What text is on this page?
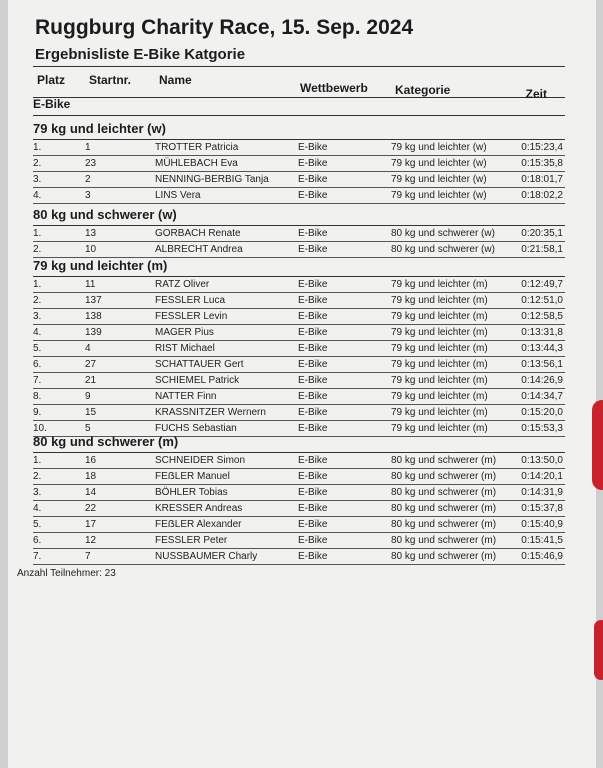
Ruggburg Charity Race, 15. Sep. 2024
Ergebnisliste E-Bike Katgorie
Platz Startnr. Name
Wettbewerb Kategorie	Zeit
E-Bike
79 kg und leichter (w)
1.	1	TROTTER Patricia	E-Bike	79 kg und leichter (w)	0:15:23,4
2.	23	MÜHLEBACH Eva	E-Bike	79 kg und leichter (w)	0:15:35,8
3.	2	NENNING-BERBIG Tanja	E-Bike	79 kg und leichter (w)	0:18:01,7
4.	3	LINS Vera	E-Bike	79 kg und leichter (w)	0:18:02,2
80 kg und schwerer (w)
1.	13	GORBACH Renate	E-Bike	80 kg und schwerer (w)	0:20:35,1
2.	10	ALBRECHT Andrea	E-Bike	80 kg und schwerer (w)	0:21:58,1
79 kg und leichter (m)
1.	11	RATZ Oliver	E-Bike	79 kg und leichter (m)	0:12:49,7
2.	137	FESSLER Luca	E-Bike	79 kg und leichter (m)	0:12:51,0
3.	138	FESSLER Levin	E-Bike	79 kg und leichter (m)	0:12:58,5
4.	139	MAGER Pius	E-Bike	79 kg und leichter (m)	0:13:31,8
5.	4	RIST Michael	E-Bike	79 kg und leichter (m)	0:13:44,3
6.	27	SCHATTAUER Gert	E-Bike	79 kg und leichter (m)	0:13:56,1
7.	21	SCHIEMEL Patrick	E-Bike	79 kg und leichter (m)	0:14:26,9
8.	9	NATTER Finn	E-Bike	79 kg und leichter (m)	0:14:34,7
9.	15	KRASSNITZER Wernern	E-Bike	79 kg und leichter (m)	0:15:20,0
10.	5	FUCHS Sebastian	E-Bike	79 kg und leichter (m)	0:15:53,3
80 kg und schwerer (m)
1.	16	SCHNEIDER Simon	E-Bike	80 kg und schwerer (m)	0:13:50,0
2.	18	FEẞLER Manuel	E-Bike	80 kg und schwerer (m)	0:14:20,1
3.	14	BÖHLER Tobias	E-Bike	80 kg und schwerer (m)	0:14:31,9
4.	22	KRESSER Andreas	E-Bike	80 kg und schwerer (m)	0:15:37,8
5.	17	FEẞLER Alexander	E-Bike	80 kg und schwerer (m)	0:15:40,9
6.	12	FESSLER Peter	E-Bike	80 kg und schwerer (m)	0:15:41,5
7.	7	NUSSBAUMER Charly	E-Bike	80 kg und schwerer (m)	0:15:46,9
Anzahl Teilnehmer: 23
